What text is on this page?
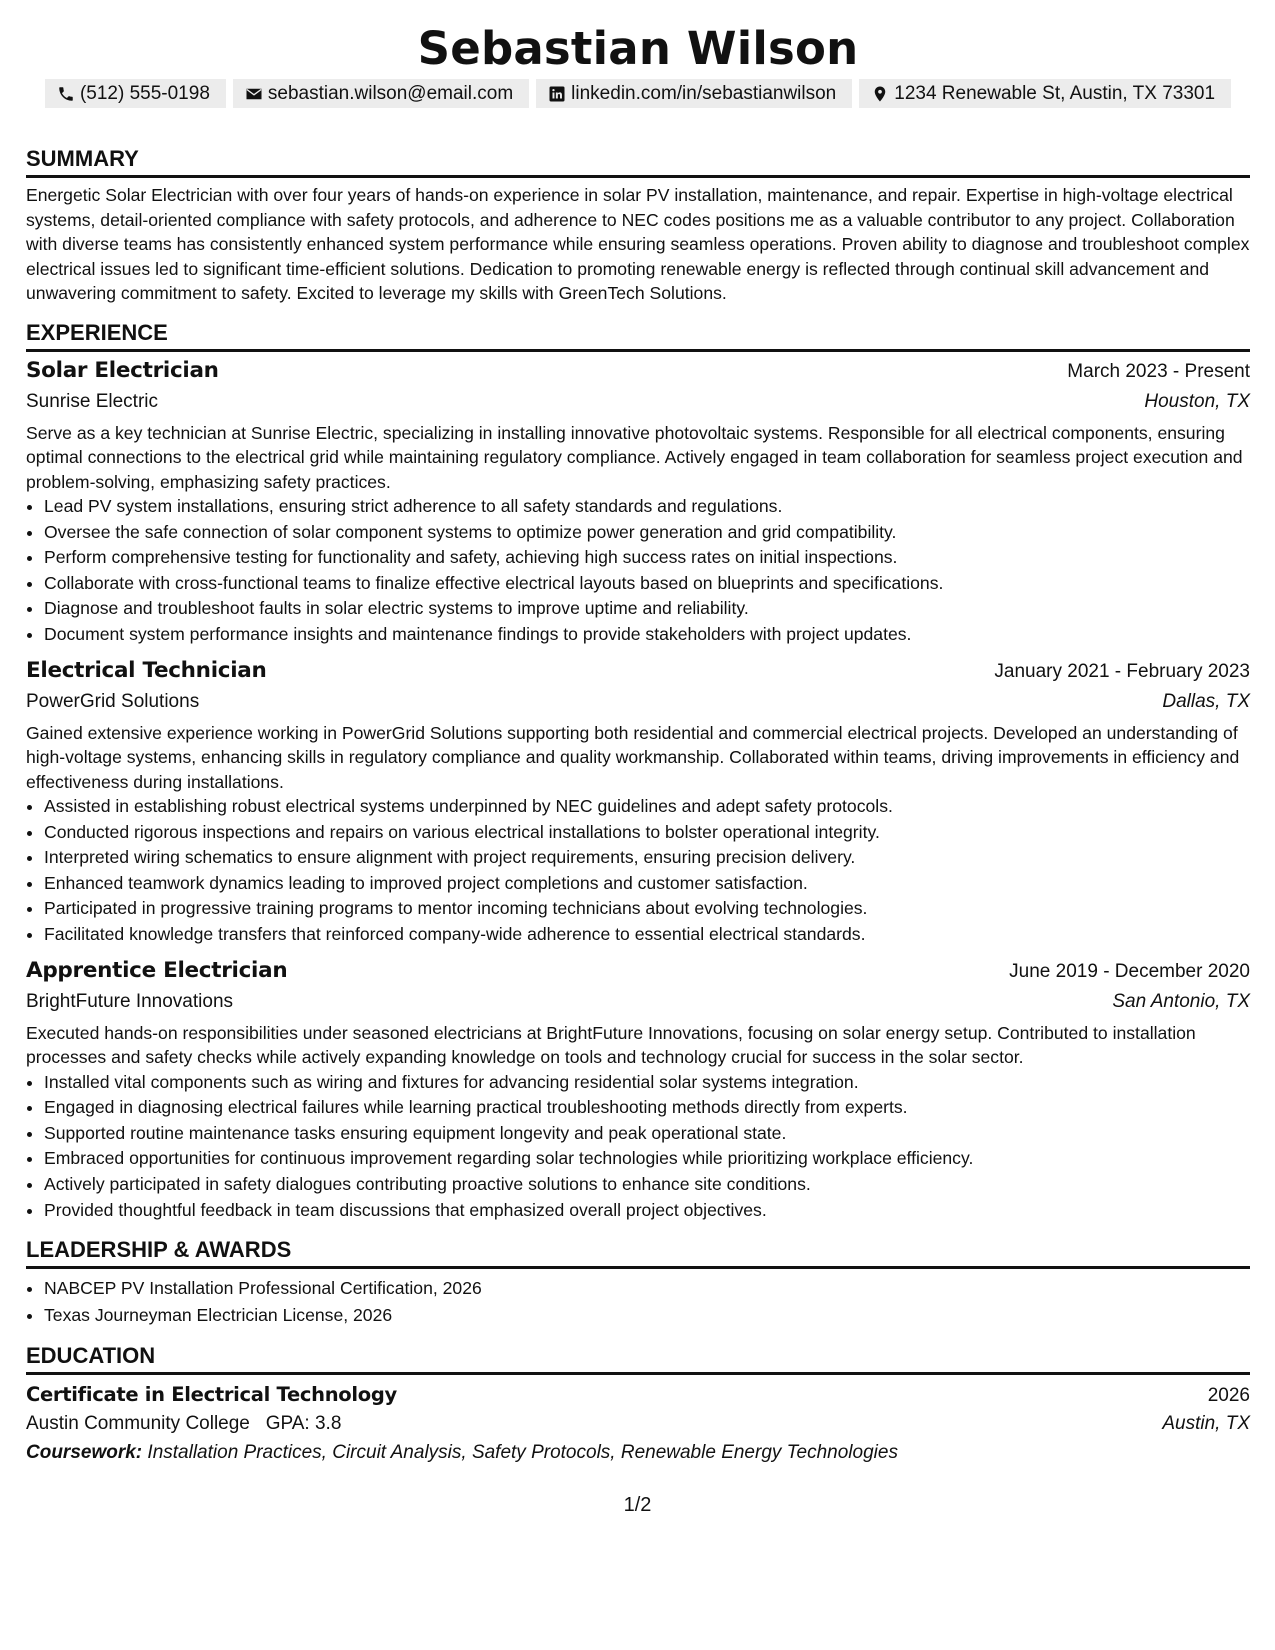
Sebastian Wilson
(512) 555-0198	sebastian.wilson@email.com	linkedin.com/in/sebastianwilson	1234 Renewable St, Austin, TX 73301
SUMMARY

Energetic Solar Electrician with over four years of hands-on experience in solar PV installation, maintenance, and repair. Expertise in high-voltage electrical systems, detail-oriented compliance with safety protocols, and adherence to NEC codes positions me as a valuable contributor to any project. Collaboration with diverse teams has consistently enhanced system performance while ensuring seamless operations. Proven ability to diagnose and troubleshoot complex electrical issues led to significant time-efficient solutions. Dedication to promoting renewable energy is reflected through continual skill advancement and unwavering commitment to safety. Excited to leverage my skills with GreenTech Solutions.

EXPERIENCE
Solar Electrician	March 2023 - Present
Sunrise Electric	Houston, TX

Serve as a key technician at Sunrise Electric, specializing in installing innovative photovoltaic systems. Responsible for all electrical components, ensuring optimal connections to the electrical grid while maintaining regulatory compliance. Actively engaged in team collaboration for seamless project execution and problem-solving, emphasizing safety practices.

• Lead PV system installations, ensuring strict adherence to all safety standards and regulations.
• Oversee the safe connection of solar component systems to optimize power generation and grid compatibility.
• Perform comprehensive testing for functionality and safety, achieving high success rates on initial inspections.
• Collaborate with cross-functional teams to finalize effective electrical layouts based on blueprints and specifications.
• Diagnose and troubleshoot faults in solar electric systems to improve uptime and reliability.
• Document system performance insights and maintenance findings to provide stakeholders with project updates.
Electrical Technician	January 2021 - February 2023
PowerGrid Solutions	Dallas, TX

Gained extensive experience working in PowerGrid Solutions supporting both residential and commercial electrical projects. Developed an understanding of high-voltage systems, enhancing skills in regulatory compliance and quality workmanship. Collaborated within teams, driving improvements in efficiency and effectiveness during installations.

• Assisted in establishing robust electrical systems underpinned by NEC guidelines and adept safety protocols.
• Conducted rigorous inspections and repairs on various electrical installations to bolster operational integrity.
• Interpreted wiring schematics to ensure alignment with project requirements, ensuring precision delivery.
• Enhanced teamwork dynamics leading to improved project completions and customer satisfaction.
• Participated in progressive training programs to mentor incoming technicians about evolving technologies.
• Facilitated knowledge transfers that reinforced company-wide adherence to essential electrical standards.
Apprentice Electrician	June 2019 - December 2020
BrightFuture Innovations	San Antonio, TX

Executed hands-on responsibilities under seasoned electricians at BrightFuture Innovations, focusing on solar energy setup. Contributed to installation processes and safety checks while actively expanding knowledge on tools and technology crucial for success in the solar sector.

• Installed vital components such as wiring and fixtures for advancing residential solar systems integration.
• Engaged in diagnosing electrical failures while learning practical troubleshooting methods directly from experts.
• Supported routine maintenance tasks ensuring equipment longevity and peak operational state.
• Embraced opportunities for continuous improvement regarding solar technologies while prioritizing workplace efficiency.
• Actively participated in safety dialogues contributing proactive solutions to enhance site conditions.
• Provided thoughtful feedback in team discussions that emphasized overall project objectives.
LEADERSHIP & AWARDS
• NABCEP PV Installation Professional Certification, 2026
• Texas Journeyman Electrician License, 2026
EDUCATION
Certificate in Electrical Technology	2026
Austin Community College GPA: 3.8	Austin, TX
Coursework: Installation Practices, Circuit Analysis, Safety Protocols, Renewable Energy Technologies
1/2
